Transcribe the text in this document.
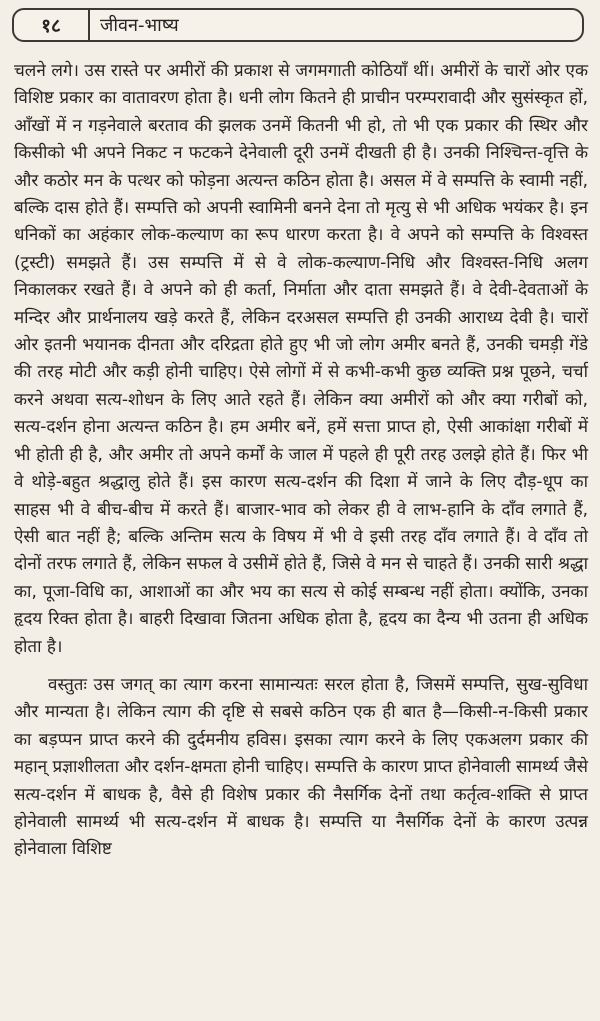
१८	जीवन-भाष्य

चलने लगे। उस रास्ते पर अमीरों की प्रकाश से जगमगाती कोठियाँ थीं। अमीरों के चारों ओर एक विशिष्ट प्रकार का वातावरण होता है। धनी लोग कितने ही प्राचीन परम्परावादी और सुसंस्कृत हों, आँखों में न गड़नेवाले बरताव की झलक उनमें कितनी भी हो, तो भी एक प्रकार की स्थिर और किसीको भी अपने निकट न फटकने देनेवाली दूरी उनमें दीखती ही है। उनकी निश्चिन्त-वृत्ति के और कठोर मन के पत्थर को फोड़ना अत्यन्त कठिन होता है। असल में वे सम्पत्ति के स्वामी नहीं, बल्कि दास होते हैं। सम्पत्ति को अपनी स्वामिनी बनने देना तो मृत्यु से भी अधिक भयंकर है। इन धनिकों का अहंकार लोक-कल्याण का रूप धारण करता है। वे अपने को सम्पत्ति के विश्वस्त (ट्रस्टी) समझते हैं। उस सम्पत्ति में से वे लोक-कल्याण-निधि और विश्वस्त-निधि अलग निकालकर रखते हैं। वे अपने को ही कर्ता, निर्माता और दाता समझते हैं। वे देवी-देवताओं के मन्दिर और प्रार्थनालय खड़े करते हैं, लेकिन दरअसल सम्पत्ति ही उनकी आराध्य देवी है। चारों ओर इतनी भयानक दीनता और दरिद्रता होते हुए भी जो लोग अमीर बनते हैं, उनकी चमड़ी गेंडे की तरह मोटी और कड़ी होनी चाहिए। ऐसे लोगों में से कभी-कभी कुछ व्यक्ति प्रश्न पूछने, चर्चा करने अथवा सत्य-शोधन के लिए आते रहते हैं। लेकिन क्या अमीरों को और क्या गरीबों को, सत्य-दर्शन होना अत्यन्त कठिन है। हम अमीर बनें, हमें सत्ता प्राप्त हो, ऐसी आकांक्षा गरीबों में भी होती ही है, और अमीर तो अपने कर्मों के जाल में पहले ही पूरी तरह उलझे होते हैं। फिर भी वे थोड़े-बहुत श्रद्धालु होते हैं। इस कारण सत्य-दर्शन की दिशा में जाने के लिए दौड़-धूप का साहस भी वे बीच-बीच में करते हैं। बाजार-भाव को लेकर ही वे लाभ-हानि के दाँव लगाते हैं, ऐसी बात नहीं है; बल्कि अन्तिम सत्य के विषय में भी वे इसी तरह दाँव लगाते हैं। वे दाँव तो दोनों तरफ लगाते हैं, लेकिन सफल वे उसीमें होते हैं, जिसे वे मन से चाहते हैं। उनकी सारी श्रद्धा का, पूजा-विधि का, आशाओं का और भय का सत्य से कोई सम्बन्ध नहीं होता। क्योंकि, उनका हृदय रिक्त होता है। बाहरी दिखावा जितना अधिक होता है, हृदय का दैन्य भी उतना ही अधिक होता है।

वस्तुतः उस जगत् का त्याग करना सामान्यतः सरल होता है, जिसमें सम्पत्ति, सुख-सुविधा और मान्यता है। लेकिन त्याग की दृष्टि से सबसे कठिन एक ही बात है—किसी-न-किसी प्रकार का बड़प्पन प्राप्त करने की दुर्दमनीय हविस। इसका त्याग करने के लिए एकअलग प्रकार की महान् प्रज्ञाशीलता और दर्शन-क्षमता होनी चाहिए। सम्पत्ति के कारण प्राप्त होनेवाली सामर्थ्य जैसे सत्य-दर्शन में बाधक है, वैसे ही विशेष प्रकार की नैसर्गिक देनों तथा कर्तृत्व-शक्ति से प्राप्त होनेवाली सामर्थ्य भी सत्य-दर्शन में बाधक है। सम्पत्ति या नैसर्गिक देनों के कारण उत्पन्न होनेवाला विशिष्ट
